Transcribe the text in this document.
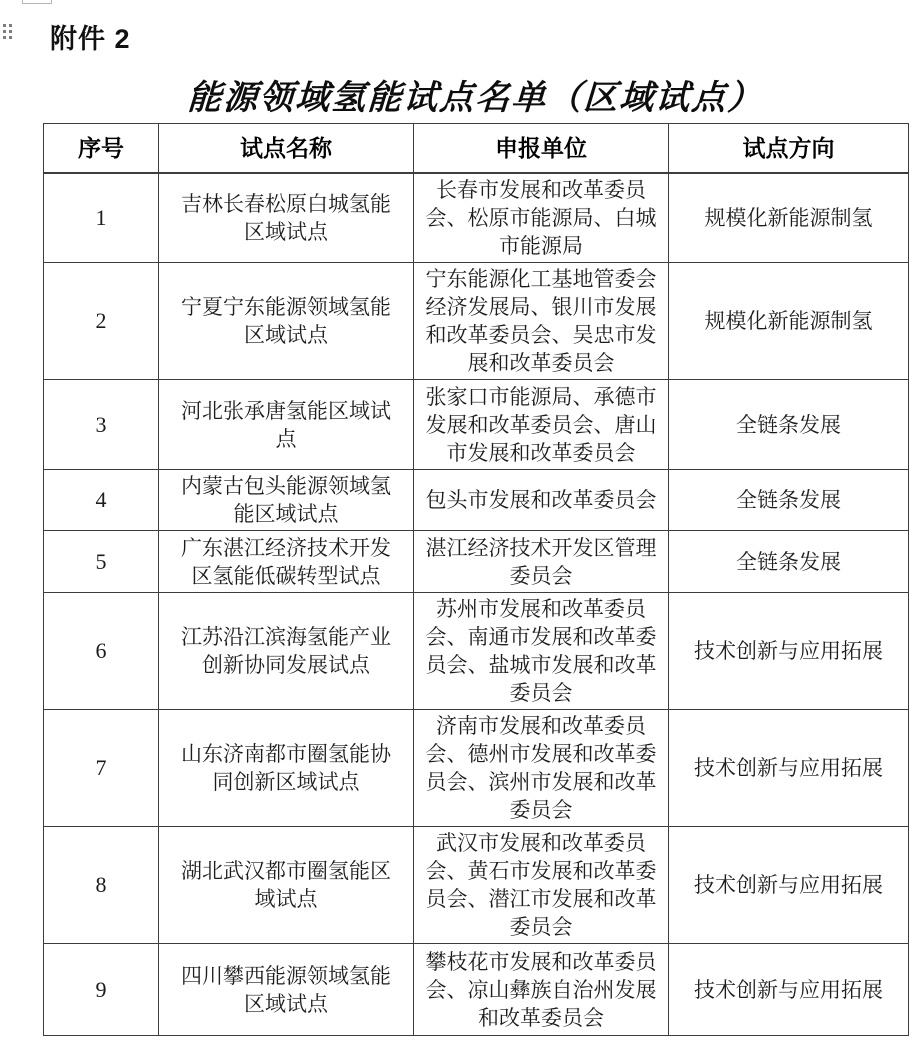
附件 2
能源领域氢能试点名单（区域试点）
序号	试点名称	申报单位	试点方向
1	吉林长春松原白城氢能区域试点	长春市发展和改革委员会、松原市能源局、白城市能源局	规模化新能源制氢
2	宁夏宁东能源领域氢能区域试点	宁东能源化工基地管委会经济发展局、银川市发展和改革委员会、吴忠市发展和改革委员会	规模化新能源制氢
3	河北张承唐氢能区域试点	张家口市能源局、承德市发展和改革委员会、唐山市发展和改革委员会	全链条发展
4	内蒙古包头能源领域氢能区域试点	包头市发展和改革委员会	全链条发展
5	广东湛江经济技术开发区氢能低碳转型试点	湛江经济技术开发区管理委员会	全链条发展
6	江苏沿江滨海氢能产业创新协同发展试点	苏州市发展和改革委员会、南通市发展和改革委员会、盐城市发展和改革委员会	技术创新与应用拓展
7	山东济南都市圈氢能协同创新区域试点	济南市发展和改革委员会、德州市发展和改革委员会、滨州市发展和改革委员会	技术创新与应用拓展
8	湖北武汉都市圈氢能区域试点	武汉市发展和改革委员会、黄石市发展和改革委员会、潜江市发展和改革委员会	技术创新与应用拓展
9	四川攀西能源领域氢能区域试点	攀枝花市发展和改革委员会、凉山彝族自治州发展和改革委员会	技术创新与应用拓展
